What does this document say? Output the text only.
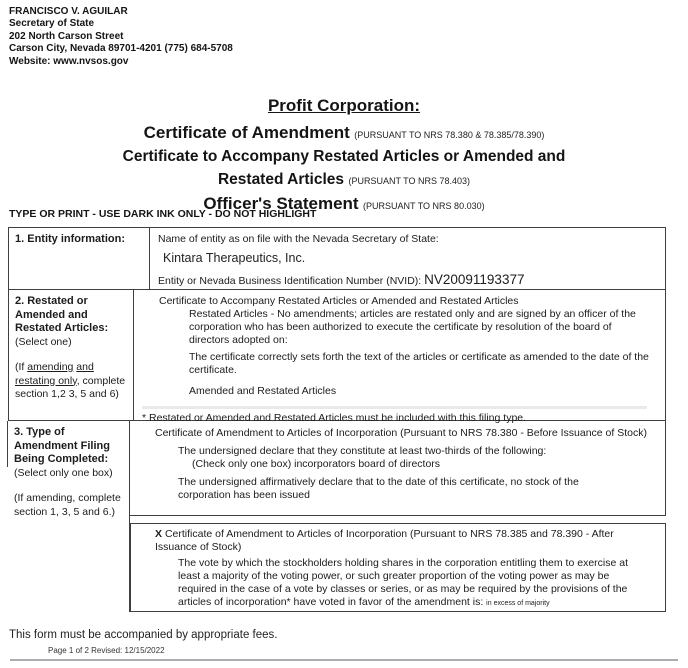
FRANCISCO V. AGUILAR
Secretary of State
202 North Carson Street
Carson City, Nevada 89701-4201 (775) 684-5708
Website: www.nvsos.gov
Profit Corporation:
Certificate of Amendment (PURSUANT TO NRS 78.380 & 78.385/78.390)
Certificate to Accompany Restated Articles or Amended and
Restated Articles (PURSUANT TO NRS 78.403)
Officer's Statement (PURSUANT TO NRS 80.030)
TYPE OR PRINT - USE DARK INK ONLY - DO NOT HIGHLIGHT
1. Entity information:	Name of entity as on file with the Nevada Secretary of State:
Kintara Therapeutics, Inc.
Entity or Nevada Business Identification Number (NVID): NV20091193377
2. Restated or Amended and Restated Articles:
(Select one)
(If amending and restating only, complete section 1,2 3, 5 and 6)
Certificate to Accompany Restated Articles or Amended and Restated Articles
Restated Articles - No amendments; articles are restated only and are signed by an officer of the corporation who has been authorized to execute the certificate by resolution of the board of directors adopted on:
The certificate correctly sets forth the text of the articles or certificate as amended to the date of the certificate.
Amended and Restated Articles
* Restated or Amended and Restated Articles must be included with this filing type.
3. Type of Amendment Filing Being Completed: (Select only one box)
(If amending, complete section 1, 3, 5 and 6.)
Certificate of Amendment to Articles of Incorporation (Pursuant to NRS 78.380 - Before Issuance of Stock)
The undersigned declare that they constitute at least two-thirds of the following:
(Check only one box) incorporators board of directors
The undersigned affirmatively declare that to the date of this certificate, no stock of the corporation has been issued
X Certificate of Amendment to Articles of Incorporation (Pursuant to NRS 78.385 and 78.390 - After Issuance of Stock)
The vote by which the stockholders holding shares in the corporation entitling them to exercise at least a majority of the voting power, or such greater proportion of the voting power as may be required in the case of a vote by classes or series, or as may be required by the provisions of the articles of incorporation* have voted in favor of the amendment is: in excess of majority
This form must be accompanied by appropriate fees.
Page 1 of 2 Revised: 12/15/2022
